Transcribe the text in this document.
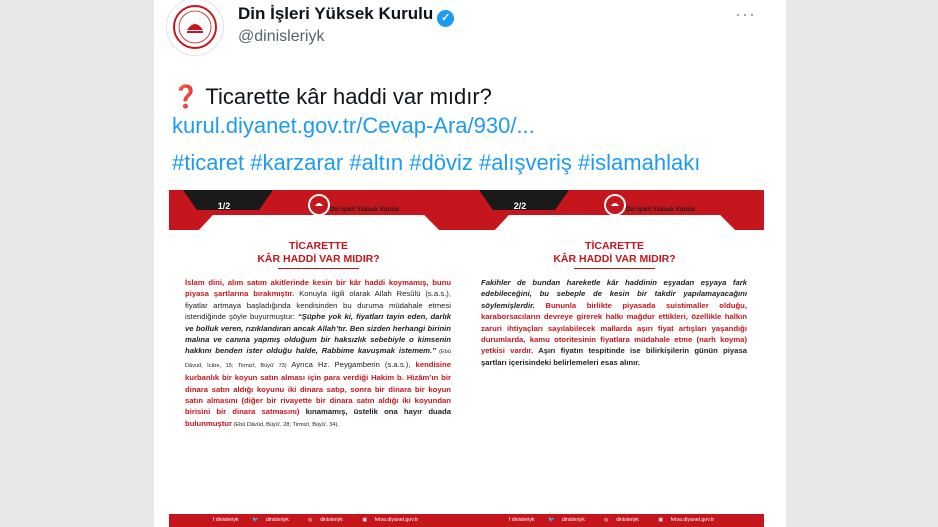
Din İşleri Yüksek Kurulu ✓
@dinisleriyk
···
❓ Ticarette kâr haddi var mıdır?
kurul.diyanet.gov.tr/Cevap-Ara/930/...
#ticaret #karzarar #altın #döviz #alışveriş #islamahlakı
1/2
T.C. CUMHURBAŞKANLIĞI
DİYANET İŞLERİ BAŞKANLIĞI
Din İşleri Yüksek Kurulu
TİCARETTE
KÂR HADDİ VAR MIDIR?
İslam dini, alım satım akitlerinde kesin bir kâr haddi koymamış, bunu piyasa şartlarına bırakmıştır. Konuyla ilgili olarak Allah Resûlü (s.a.s.), fiyatlar artmaya başladığında kendisinden bu duruma müdahale etmesi istendiğinde şöyle buyurmuştur: “Şüphe yok ki, fiyatları tayin eden, darlık ve bolluk veren, rızıklandıran ancak Allah’tır. Ben sizden herhangi birinin malına ve canına yapmış olduğum bir haksızlık sebebiyle o kimsenin hakkını benden ister olduğu halde, Rabbime kavuşmak istemem.” (Ebû Dâvud, İcâre, 15; Tirmizî, Büyû’ 73) Ayrıca Hz. Peygamberin (s.a.s.), kendisine kurbanlık bir koyun satın alması için para verdiği Hakim b. Hizâm’ın bir dinara satın aldığı koyunu iki dinara satıp, sonra bir dinara bir koyun satın almasını (diğer bir rivayette bir dinara satın aldığı iki koyundan birisini bir dinara satmasını) kınamamış, üstelik ona hayır duada bulunmuştur (Ebû Dâvûd, Büyû’, 28; Tirmizî, Büyû’, 34).
f dinisleriyk	🐦 dinisleriyk	◎ dinisleriyk	▣ fetva.diyanet.gov.tr
2/2
T.C. CUMHURBAŞKANLIĞI
DİYANET İŞLERİ BAŞKANLIĞI
Din İşleri Yüksek Kurulu
TİCARETTE
KÂR HADDİ VAR MIDIR?
Fakihler de bundan hareketle kâr haddinin eşyadan eşyaya fark edebileceğini, bu sebeple de kesin bir takdir yapılamayacağını söylemişlerdir. Bununla birlikte piyasada suistimaller olduğu, karaborsacıların devreye girerek halkı mağdur ettikleri, özellikle halkın zaruri ihtiyaçları sayılabilecek mallarda aşırı fiyat artışları yaşandığı durumlarda, kamu otoritesinin fiyatlara müdahale etme (narh koyma) yetkisi vardır. Aşırı fiyatın tespitinde ise bilirkişilerin günün piyasa şartları içerisindeki belirlemeleri esas alınır.
f dinisleriyk	🐦 dinisleriyk	◎ dinisleriyk	▣ fetva.diyanet.gov.tr
